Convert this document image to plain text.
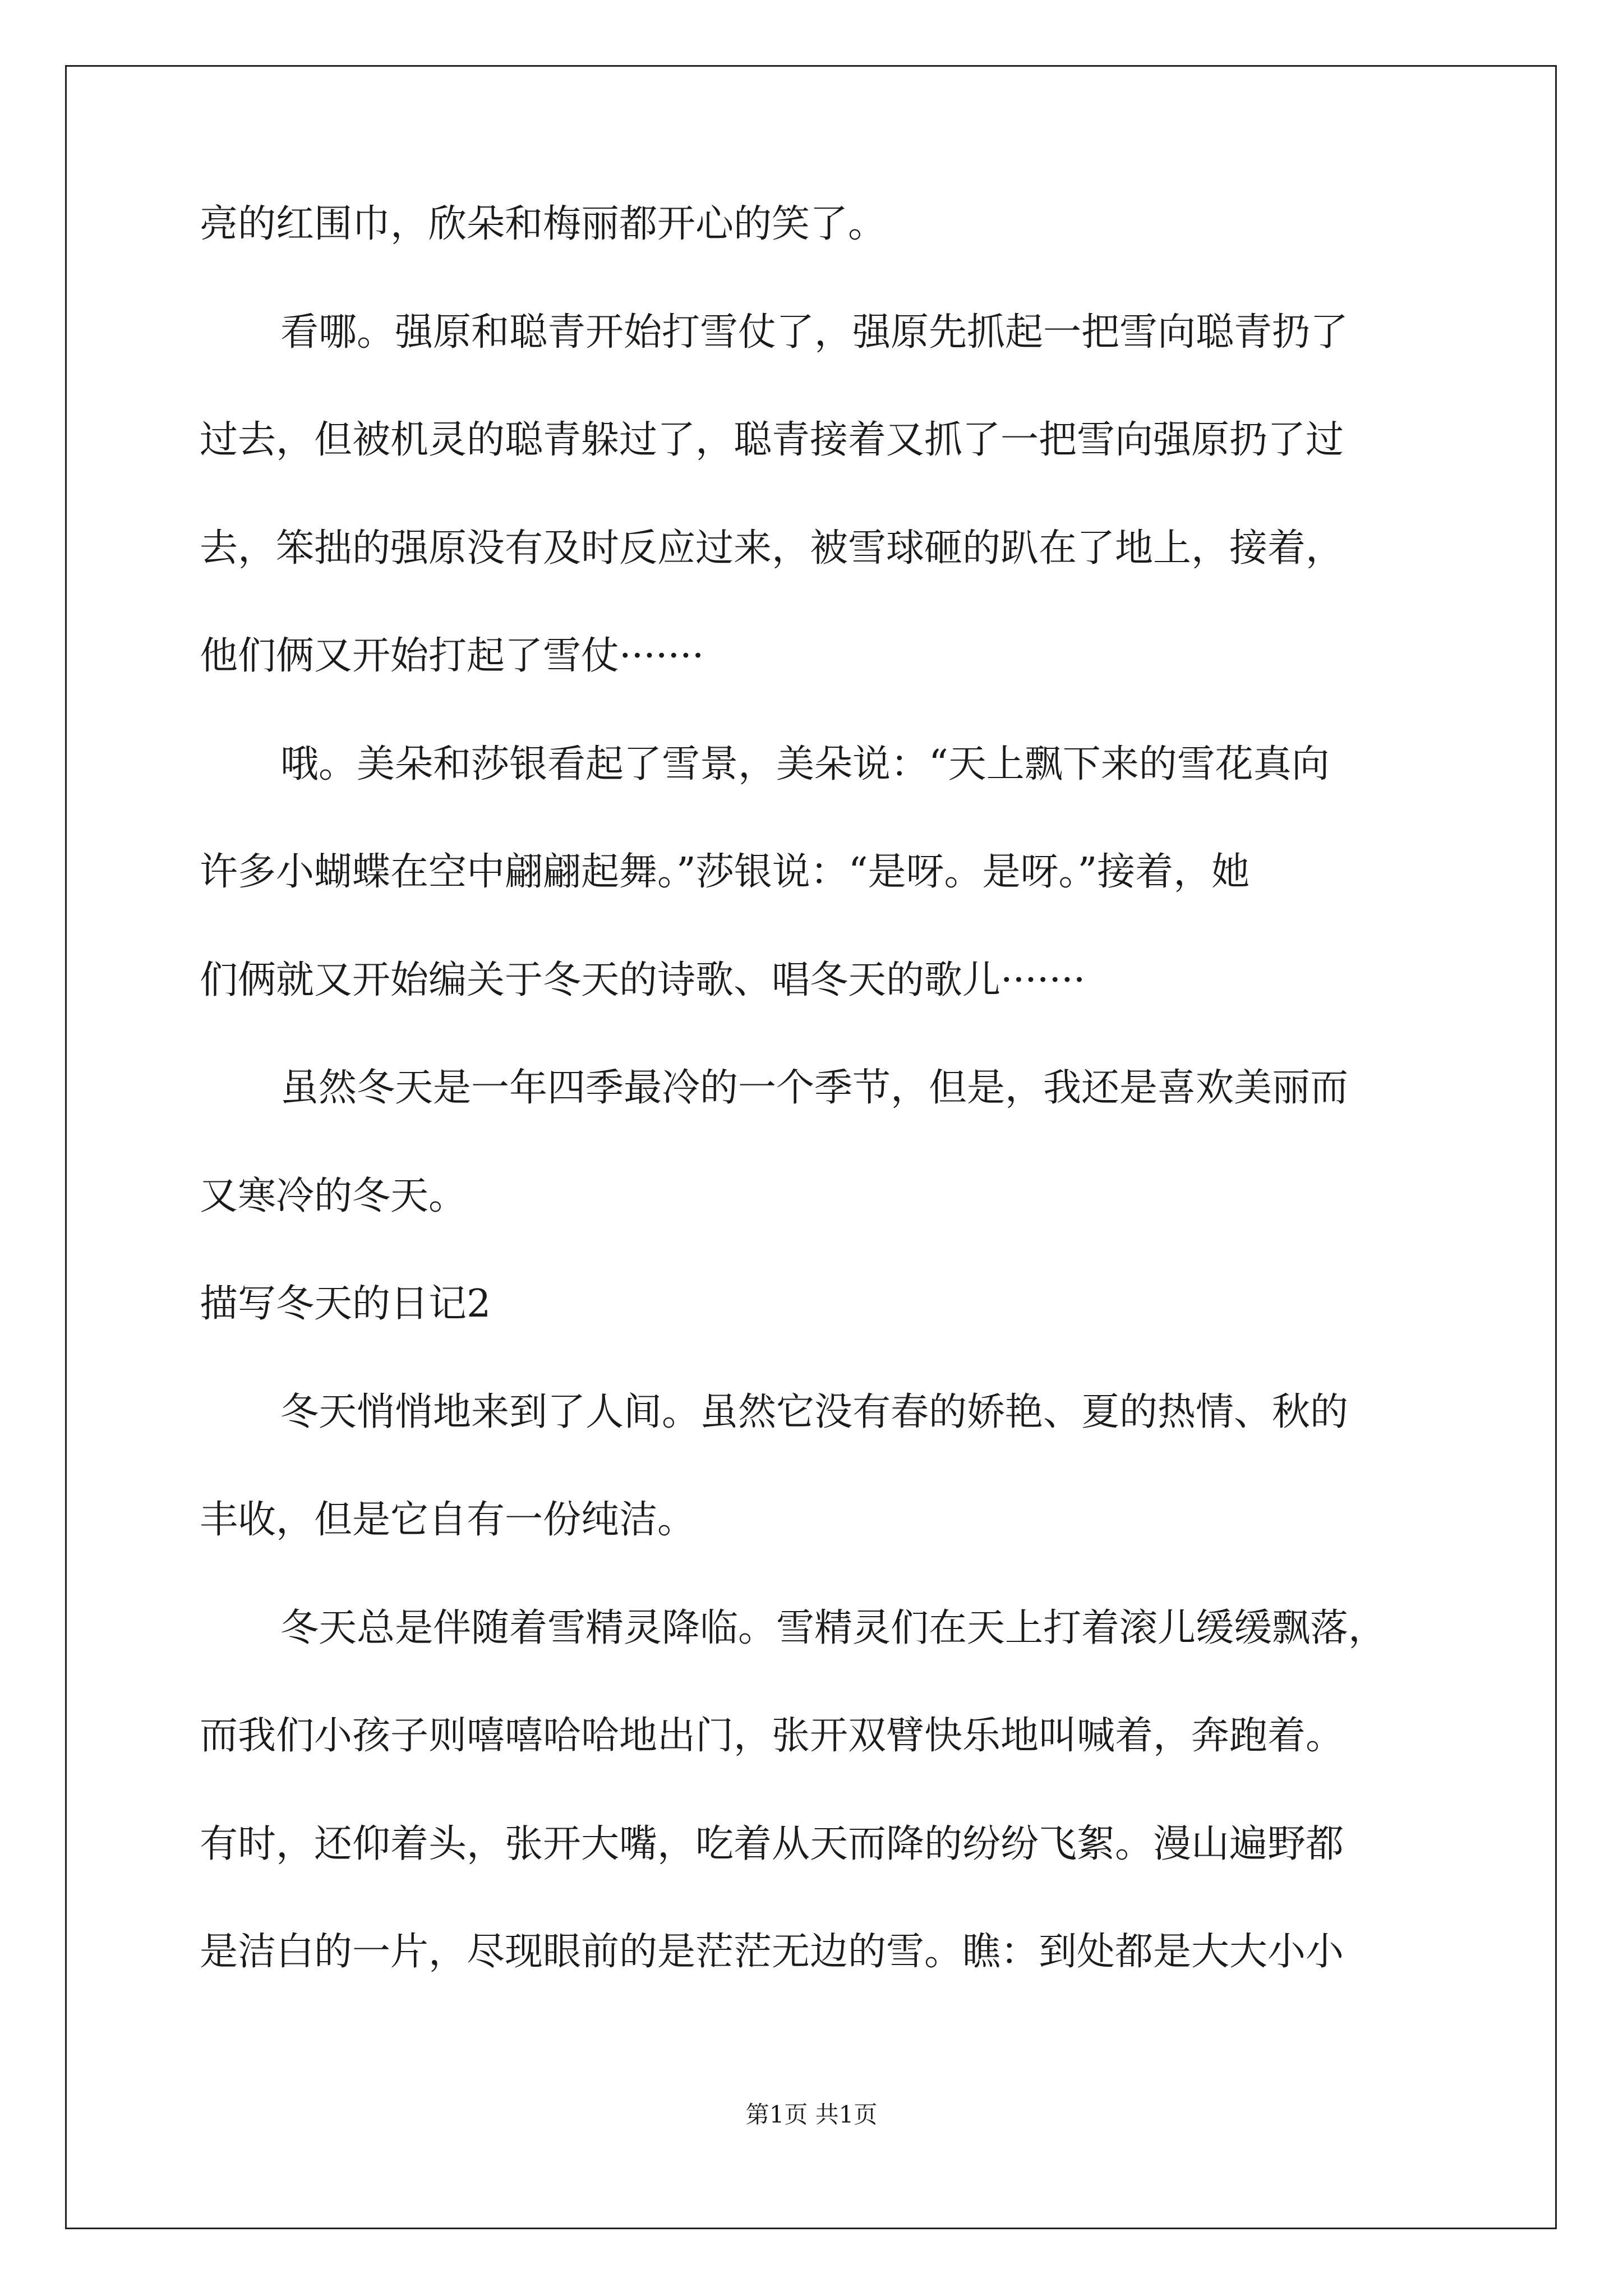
亮的红围巾，欣朵和梅丽都开心的笑了。
看哪。强原和聪青开始打雪仗了，强原先抓起一把雪向聪青扔了
过去，但被机灵的聪青躲过了，聪青接着又抓了一把雪向强原扔了过
去，笨拙的强原没有及时反应过来，被雪球砸的趴在了地上，接着，
他们俩又开始打起了雪仗·······
哦。美朵和莎银看起了雪景，美朵说：“天上飘下来的雪花真向
许多小蝴蝶在空中翩翩起舞。”莎银说：“是呀。是呀。”接着，她
们俩就又开始编关于冬天的诗歌、唱冬天的歌儿·······
虽然冬天是一年四季最冷的一个季节，但是，我还是喜欢美丽而
又寒冷的冬天。
描写冬天的日记2
冬天悄悄地来到了人间。虽然它没有春的娇艳、夏的热情、秋的
丰收，但是它自有一份纯洁。
冬天总是伴随着雪精灵降临。雪精灵们在天上打着滚儿缓缓飘落，
而我们小孩子则嘻嘻哈哈地出门，张开双臂快乐地叫喊着，奔跑着。
有时，还仰着头，张开大嘴，吃着从天而降的纷纷飞絮。漫山遍野都
是洁白的一片，尽现眼前的是茫茫无边的雪。瞧：到处都是大大小小
第1页 共1页
